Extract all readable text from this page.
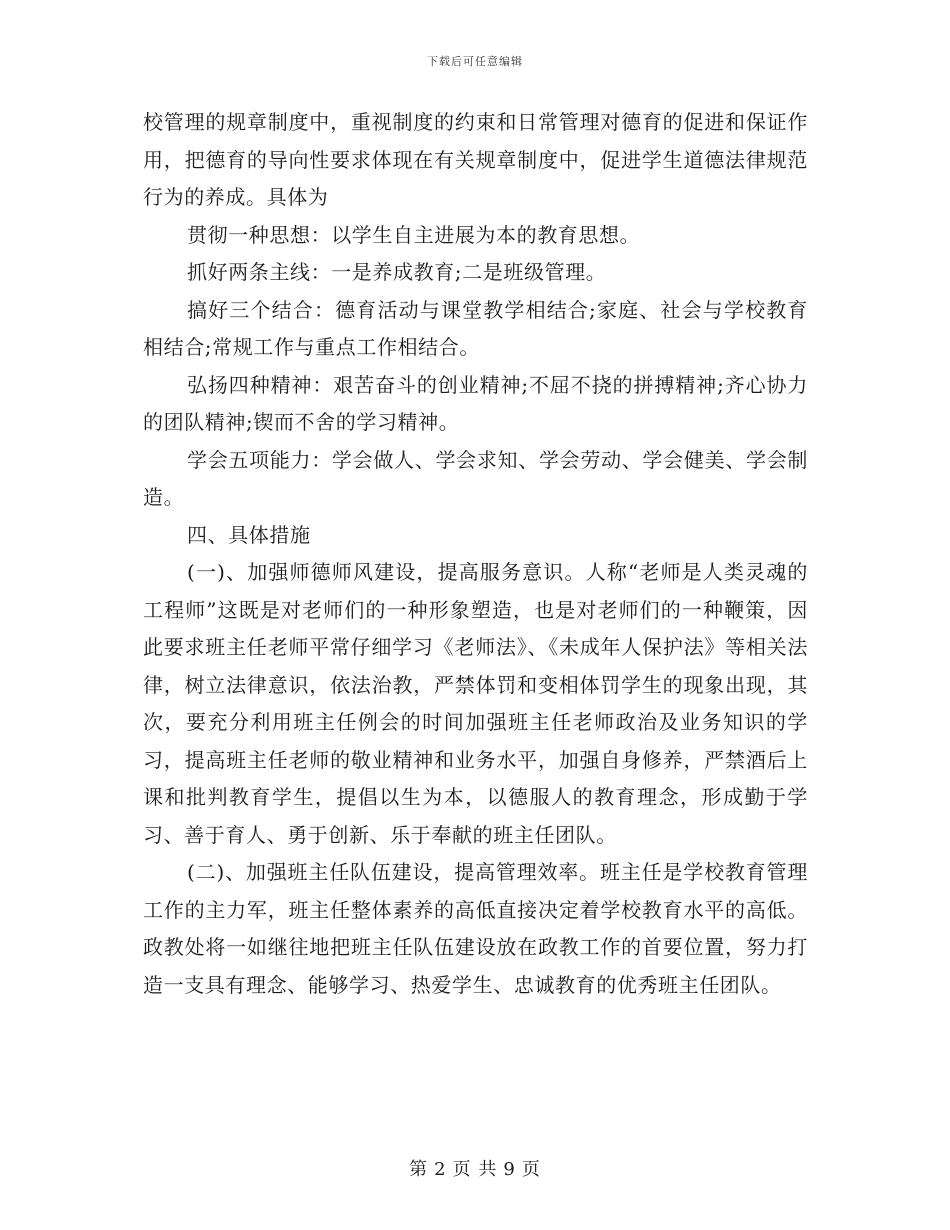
下载后可任意编辑

校管理的规章制度中，重视制度的约束和日常管理对德育的促进和保证作用，把德育的导向性要求体现在有关规章制度中，促进学生道德法律规范行为的养成。具体为

贯彻一种思想：以学生自主进展为本的教育思想。

抓好两条主线：一是养成教育;二是班级管理。

搞好三个结合：德育活动与课堂教学相结合;家庭、社会与学校教育相结合;常规工作与重点工作相结合。

弘扬四种精神：艰苦奋斗的创业精神;不屈不挠的拼搏精神;齐心协力的团队精神;锲而不舍的学习精神。

学会五项能力：学会做人、学会求知、学会劳动、学会健美、学会制造。

四、具体措施

(一)、加强师德师风建设，提高服务意识。人称“老师是人类灵魂的工程师”这既是对老师们的一种形象塑造，也是对老师们的一种鞭策，因此要求班主任老师平常仔细学习《老师法》、《未成年人保护法》等相关法律，树立法律意识，依法治教，严禁体罚和变相体罚学生的现象出现，其次，要充分利用班主任例会的时间加强班主任老师政治及业务知识的学习，提高班主任老师的敬业精神和业务水平，加强自身修养，严禁酒后上课和批判教育学生，提倡以生为本，以德服人的教育理念，形成勤于学习、善于育人、勇于创新、乐于奉献的班主任团队。

(二)、加强班主任队伍建设，提高管理效率。班主任是学校教育管理工作的主力军，班主任整体素养的高低直接决定着学校教育水平的高低。政教处将一如继往地把班主任队伍建设放在政教工作的首要位置，努力打造一支具有理念、能够学习、热爱学生、忠诚教育的优秀班主任团队。

第 2 页 共 9 页
